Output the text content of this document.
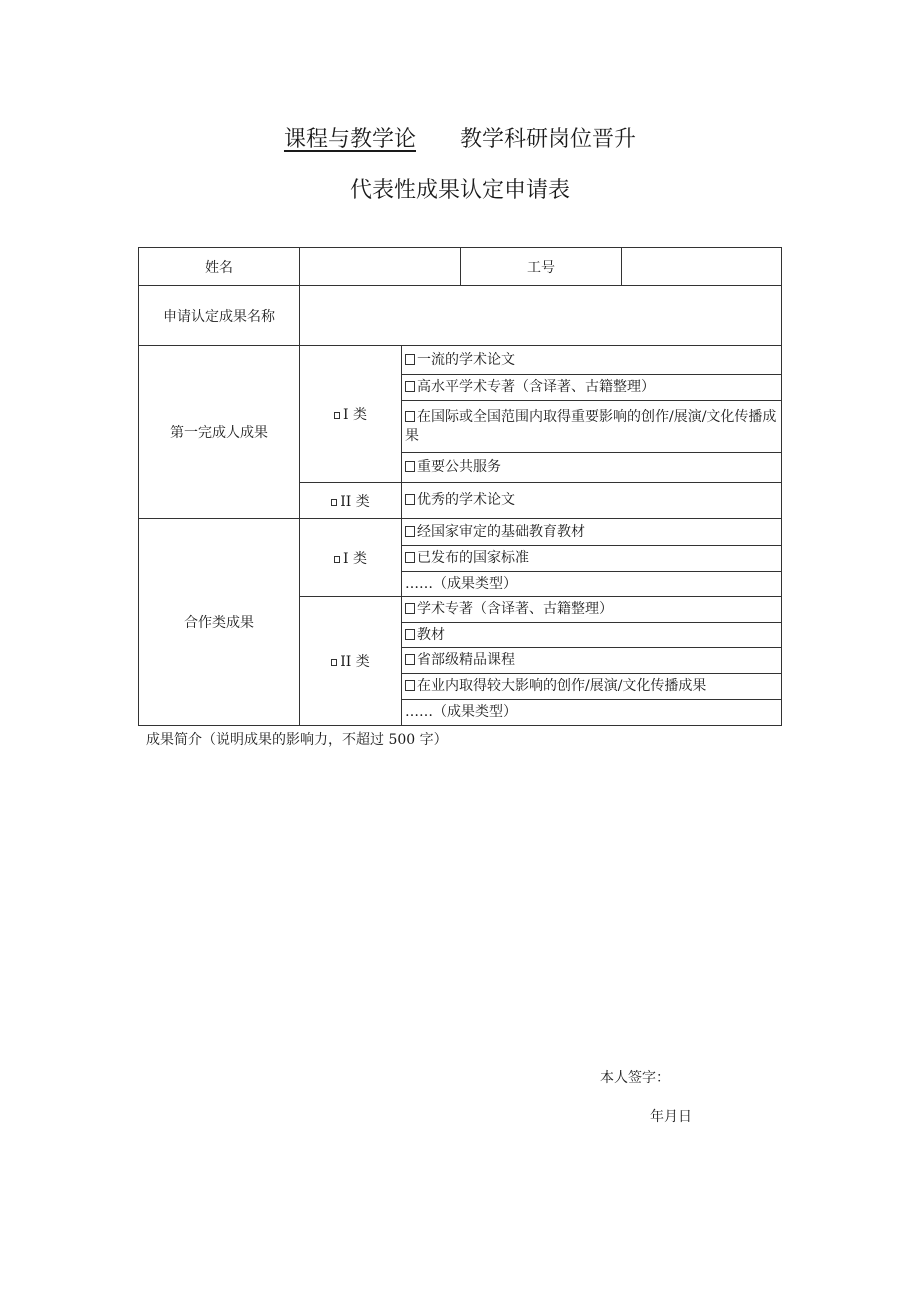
课程与教学论 教学科研岗位晋升
代表性成果认定申请表
姓名			工号	
申请认定成果名称				
第一完成人成果	I 类	一流的学术论文		
		高水平学术专著（含译著、古籍整理）		
		在国际或全国范围内取得重要影响的创作/展演/文化传播成果		
		重要公共服务		
	II 类	优秀的学术论文		
合作类成果	I 类	经国家审定的基础教育教材		
		已发布的国家标准		
		……（成果类型）		
	II 类	学术专著（含译著、古籍整理）		
		教材		
		省部级精品课程		
		在业内取得较大影响的创作/展演/文化传播成果		
		……（成果类型）		
成果简介（说明成果的影响力，不超过 500 字）
本人签字：
年月日
